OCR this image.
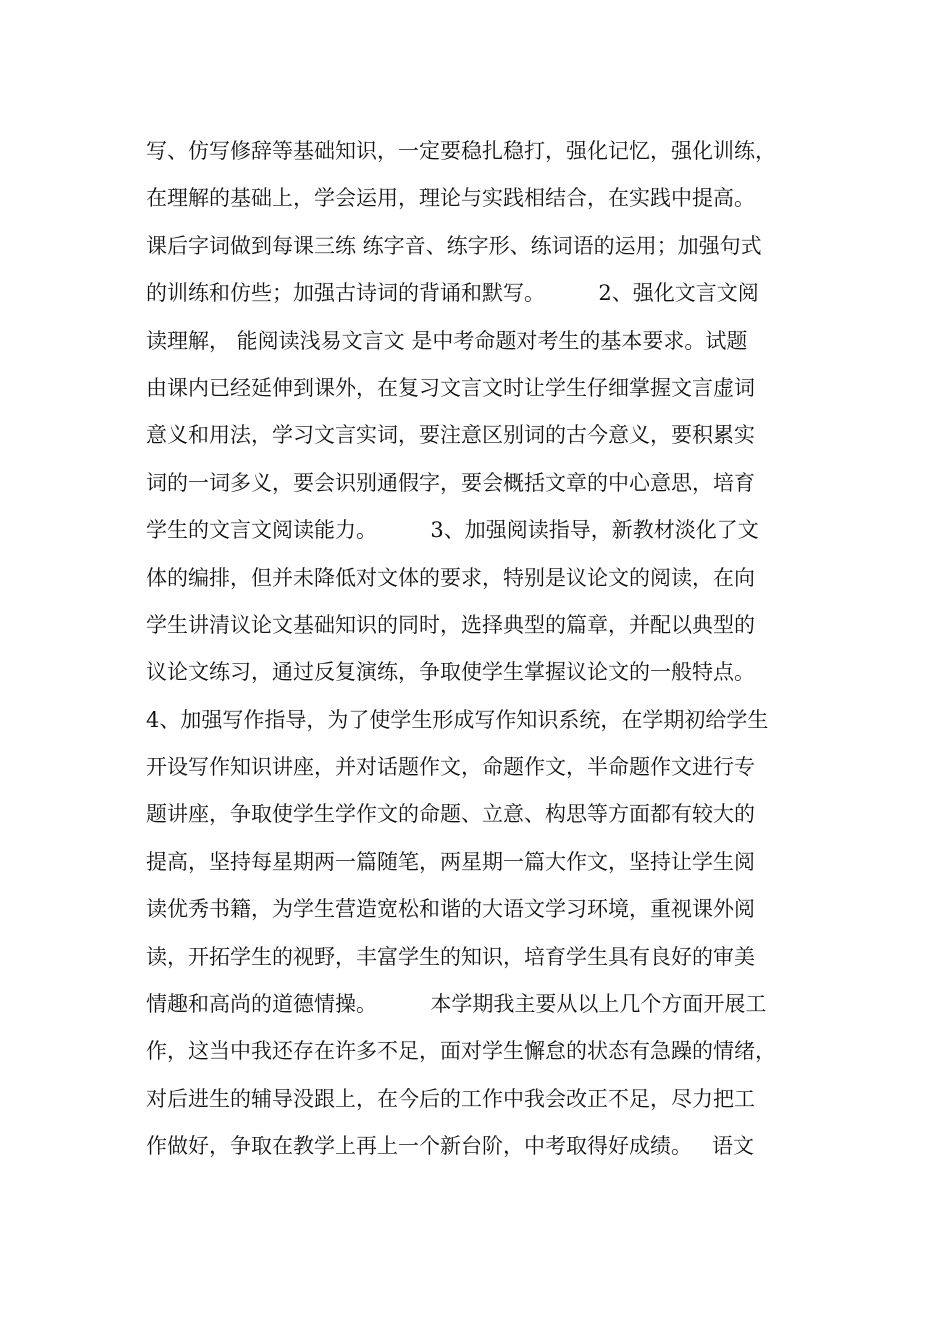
写、仿写修辞等基础知识，一定要稳扎稳打，强化记忆，强化训练，
在理解的基础上，学会运用，理论与实践相结合，在实践中提高。
课后字词做到每课三练 练字音、练字形、练词语的运用；加强句式
的训练和仿些；加强古诗词的背诵和默写。        2、强化文言文阅
读理解， 能阅读浅易文言文 是中考命题对考生的基本要求。试题
由课内已经延伸到课外，在复习文言文时让学生仔细掌握文言虚词
意义和用法，学习文言实词，要注意区别词的古今意义，要积累实
词的一词多义，要会识别通假字，要会概括文章的中心意思，培育
学生的文言文阅读能力。        3、加强阅读指导，新教材淡化了文
体的编排，但并未降低对文体的要求，特别是议论文的阅读，在向
学生讲清议论文基础知识的同时，选择典型的篇章，并配以典型的
议论文练习，通过反复演练，争取使学生掌握议论文的一般特点。
4、加强写作指导，为了使学生形成写作知识系统，在学期初给学生
开设写作知识讲座，并对话题作文，命题作文，半命题作文进行专
题讲座，争取使学生学作文的命题、立意、构思等方面都有较大的
提高，坚持每星期两一篇随笔，两星期一篇大作文，坚持让学生阅
读优秀书籍，为学生营造宽松和谐的大语文学习环境，重视课外阅
读，开拓学生的视野，丰富学生的知识，培育学生具有良好的审美
情趣和高尚的道德情操。        本学期我主要从以上几个方面开展工
作，这当中我还存在许多不足，面对学生懈怠的状态有急躁的情绪，
对后进生的辅导没跟上，在今后的工作中我会改正不足，尽力把工
作做好，争取在教学上再上一个新台阶，中考取得好成绩。   语文
